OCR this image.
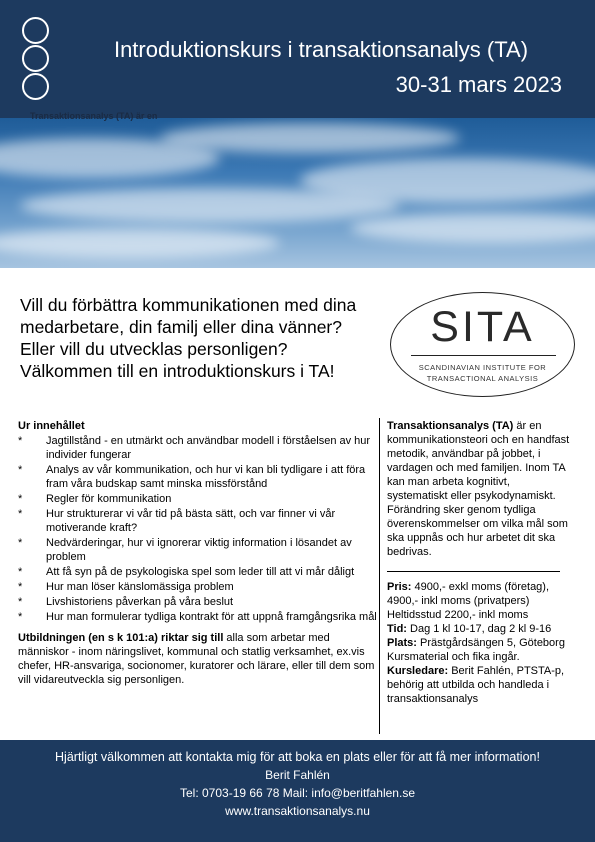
Introduktionskurs i transaktionsanalys (TA)
30-31 mars 2023
Transaktionsanalys (TA) är en
Vill du förbättra kommunikationen med dina
medarbetare, din familj eller dina vänner?
Eller vill du utvecklas personligen?
Välkommen till en introduktionskurs i TA!
SITA
SCANDINAVIAN INSTITUTE FOR
TRANSACTIONAL ANALYSIS
Ur innehållet
*	Jagtillstånd - en utmärkt och användbar modell i förståelsen av hur individer fungerar
*	Analys av vår kommunikation, och hur vi kan bli tydligare i att föra fram våra budskap samt minska missförstånd
*	Regler för kommunikation
*	Hur strukturerar vi vår tid på bästa sätt, och var finner vi vår motiverande kraft?
*	Nedvärderingar, hur vi ignorerar viktig information i lösandet av problem
*	Att få syn på de psykologiska spel som leder till att vi mår dåligt
*	Hur man löser känslomässiga problem
*	Livshistoriens påverkan på våra beslut
*	Hur man formulerar tydliga kontrakt för att uppnå framgångsrika mål
Utbildningen (en s k 101:a) riktar sig till alla som arbetar med människor - inom näringslivet, kommunal och statlig verksamhet, ex.vis chefer, HR-ansvariga, socionomer, kuratorer och lärare, eller till dem som vill vidareutveckla sig personligen.
Transaktionsanalys (TA) är en kommunikationsteori och en handfast metodik, användbar på jobbet, i vardagen och med familjen. Inom TA kan man arbeta kognitivt, systematiskt eller psykodynamiskt. Förändring sker genom tydliga överenskommelser om vilka mål som ska uppnås och hur arbetet dit ska bedrivas.

Pris: 4900,- exkl moms (företag),

4900,- inkl moms (privatpers)

Heltidsstud 2200,- inkl moms

Tid: Dag 1 kl 10-17, dag 2 kl 9-16

Plats: Prästgårdsängen 5, Göteborg

Kursmaterial och fika ingår.

Kursledare: Berit Fahlén, PTSTA-p, behörig att utbilda och handleda i transaktionsanalys

Hjärtligt välkommen att kontakta mig för att boka en plats eller för att få mer information!
Berit Fahlén
Tel: 0703-19 66 78 Mail: info@beritfahlen.se
www.transaktionsanalys.nu
